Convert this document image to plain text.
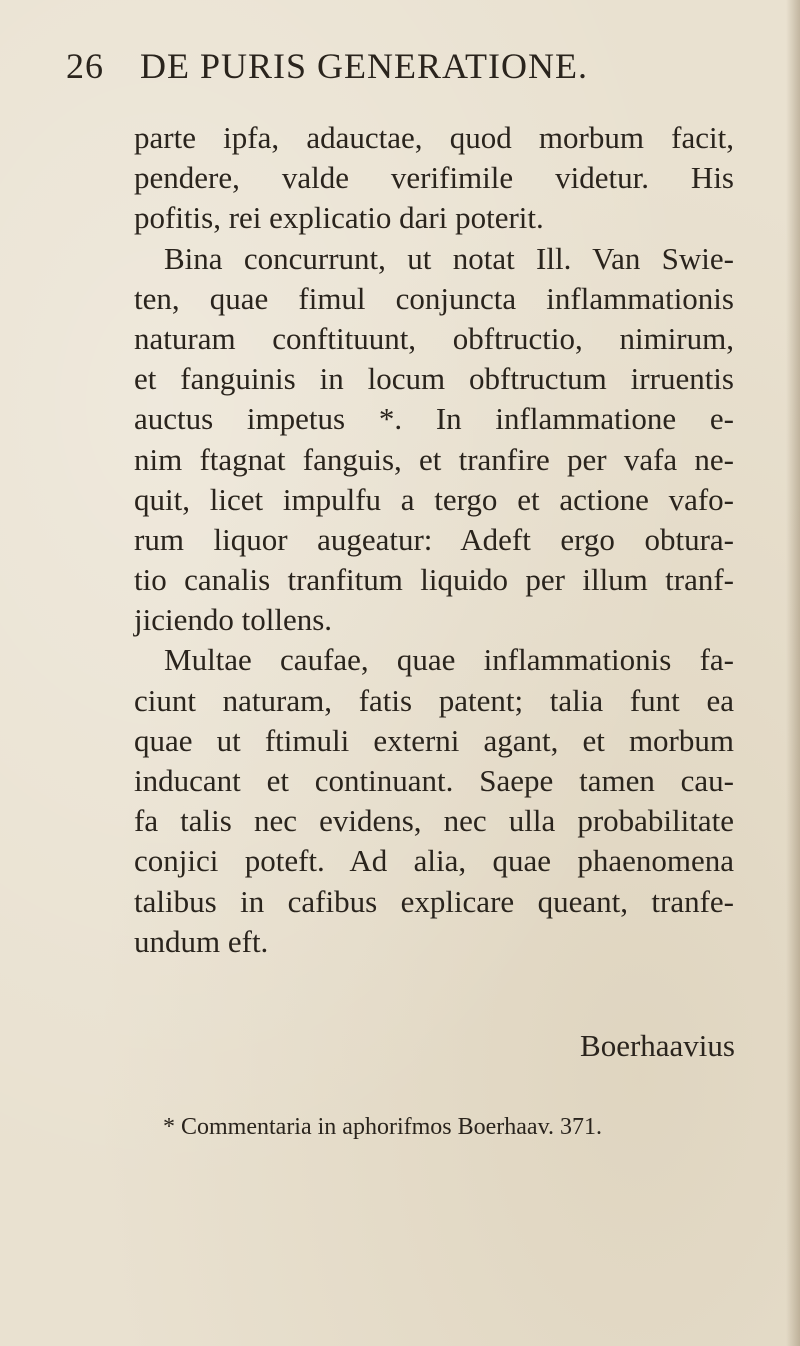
26 DE PURIS GENERATIONE.
parte ipfa, adauctae, quod morbum facit,
pendere, valde verifimile videtur. His
pofitis, rei explicatio dari poterit.
Bina concurrunt, ut notat Ill. Van Swie-
ten, quae fimul conjuncta inflammationis
naturam conftituunt, obftructio, nimirum,
et fanguinis in locum obftructum irruentis
auctus impetus *. In inflammatione e-
nim ftagnat fanguis, et tranfire per vafa ne-
quit, licet impulfu a tergo et actione vafo-
rum liquor augeatur: Adeft ergo obtura-
tio canalis tranfitum liquido per illum tranf-
jiciendo tollens.
Multae caufae, quae inflammationis fa-
ciunt naturam, fatis patent; talia funt ea
quae ut ftimuli externi agant, et morbum
inducant et continuant. Saepe tamen cau-
fa talis nec evidens, nec ulla probabilitate
conjici poteft. Ad alia, quae phaenomena
talibus in cafibus explicare queant, tranfe-
undum eft.
Boerhaavius
* Commentaria in aphorifmos Boerhaav. 371.
